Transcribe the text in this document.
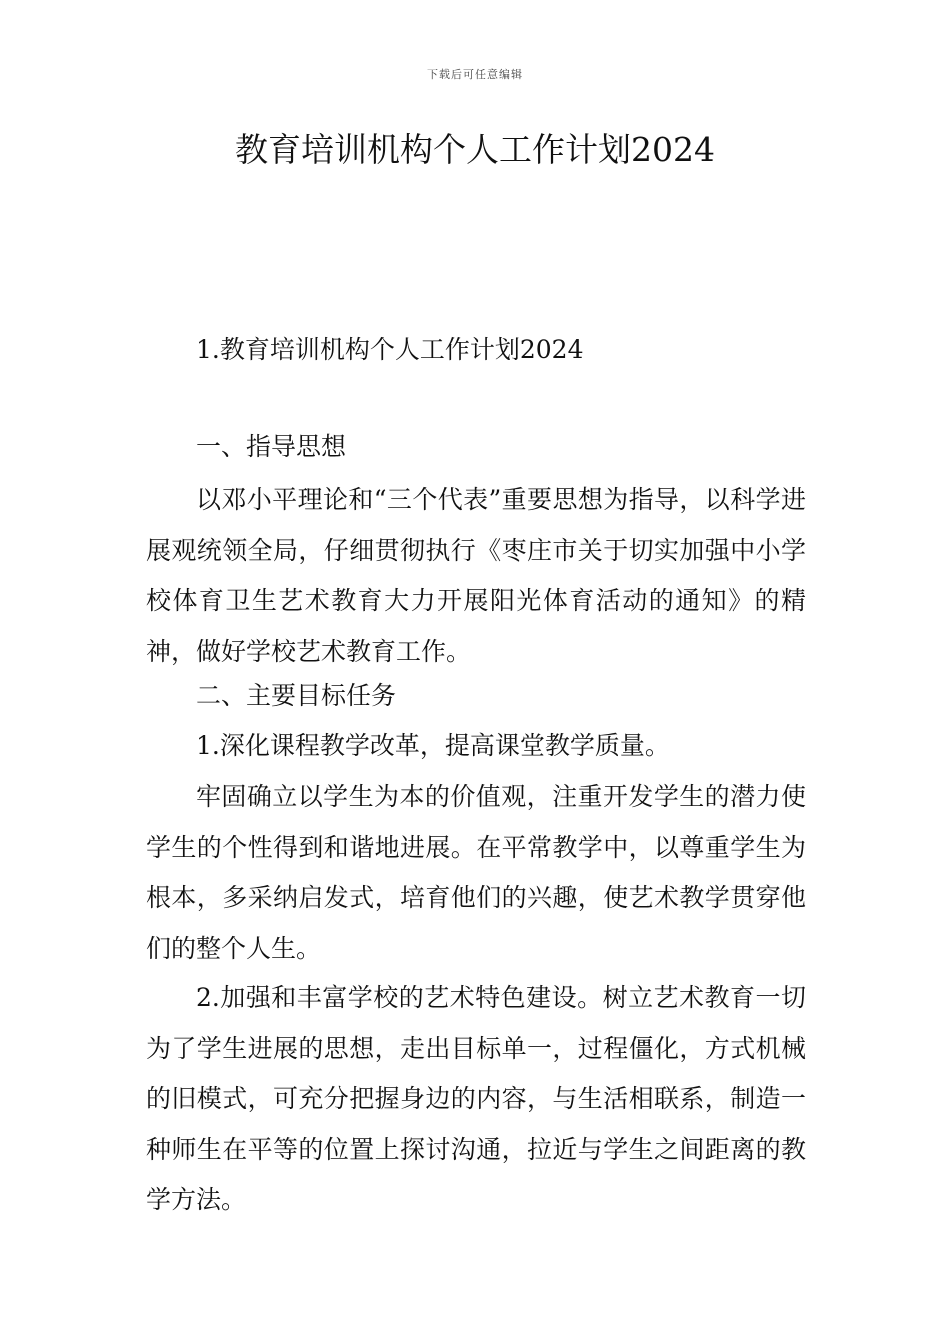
下载后可任意编辑
教育培训机构个人工作计划2024
1.教育培训机构个人工作计划2024
一、指导思想

以邓小平理论和“三个代表”重要思想为指导，以科学进展观统领全局，仔细贯彻执行《枣庄市关于切实加强中小学校体育卫生艺术教育大力开展阳光体育活动的通知》的精神，做好学校艺术教育工作。

二、主要目标任务
1.深化课程教学改革，提高课堂教学质量。

牢固确立以学生为本的价值观，注重开发学生的潜力使学生的个性得到和谐地进展。在平常教学中，以尊重学生为根本，多采纳启发式，培育他们的兴趣，使艺术教学贯穿他们的整个人生。

2.加强和丰富学校的艺术特色建设。树立艺术教育一切为了学生进展的思想，走出目标单一，过程僵化，方式机械的旧模式，可充分把握身边的内容，与生活相联系，制造一种师生在平等的位置上探讨沟通，拉近与学生之间距离的教学方法。
